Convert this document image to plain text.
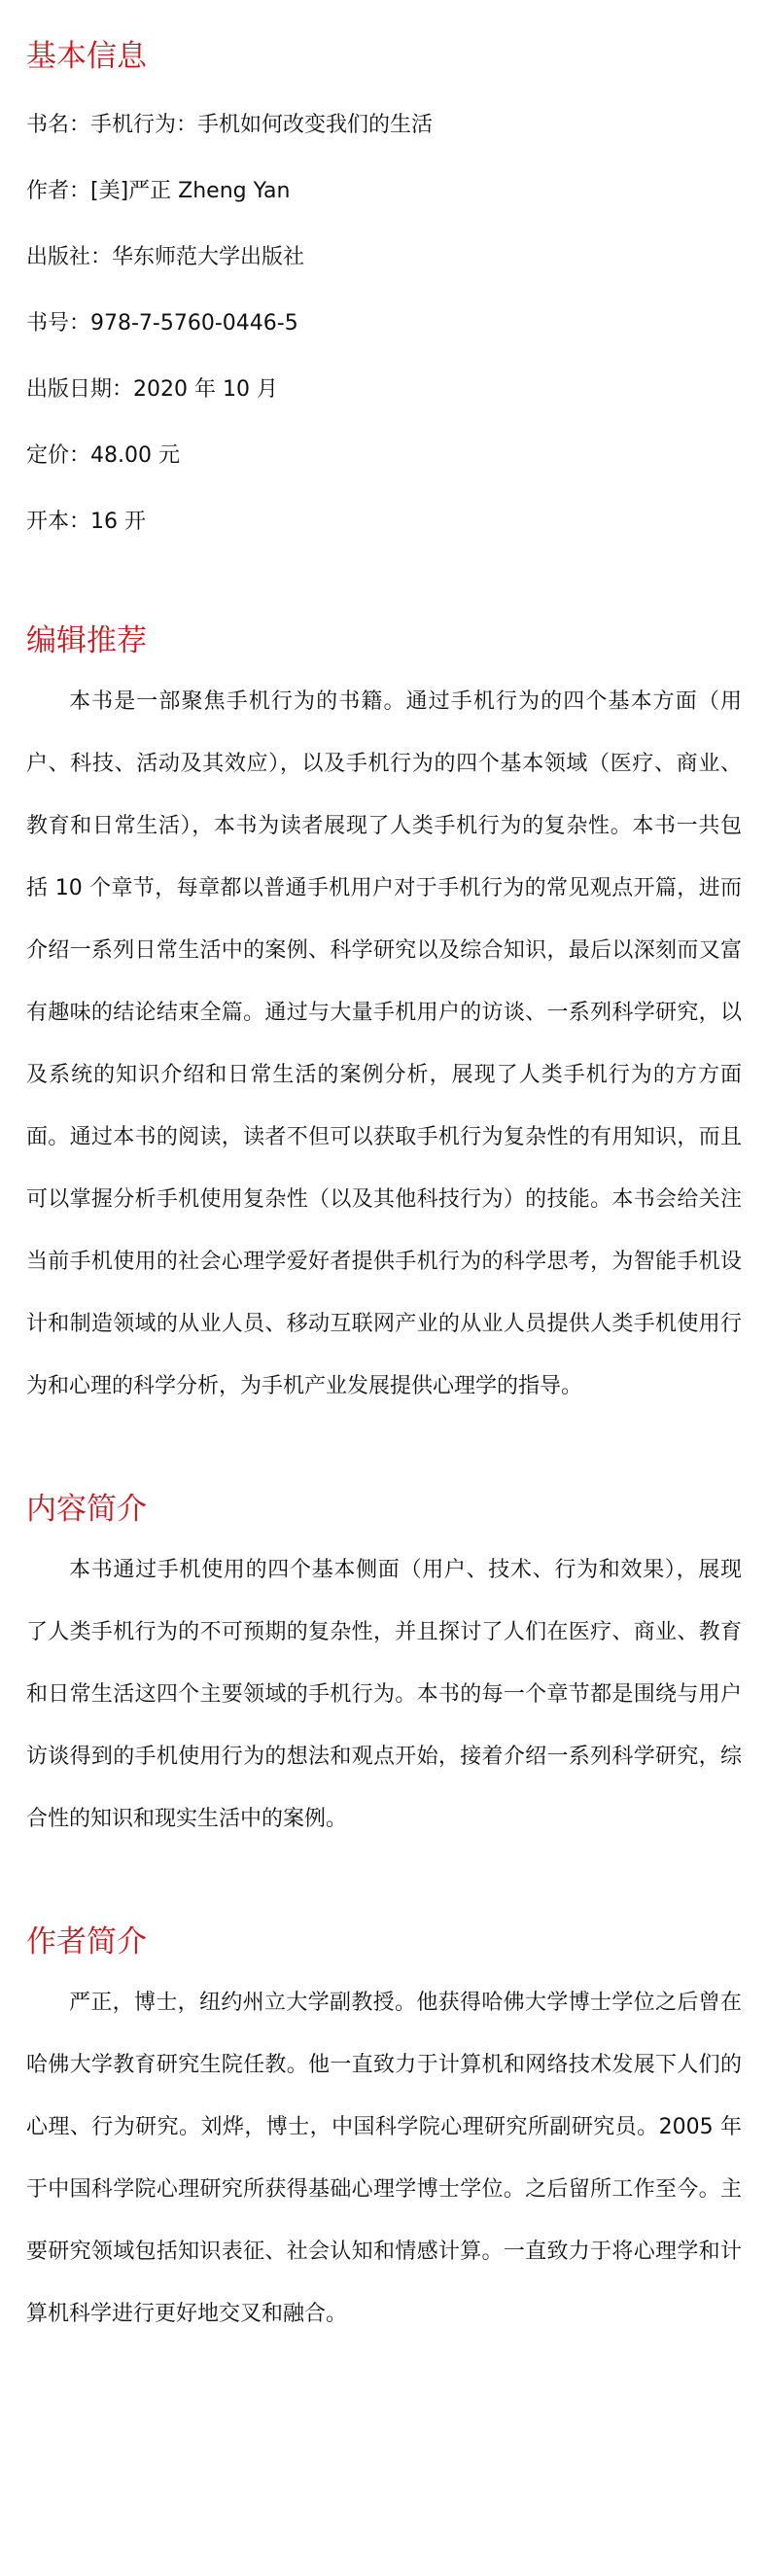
基本信息
书名：手机行为：手机如何改变我们的生活
作者：[美]严正 Zheng Yan
出版社：华东师范大学出版社
书号：978-7-5760-0446-5
出版日期：2020 年 10 月
定价：48.00 元
开本：16 开
编辑推荐

本书是一部聚焦手机行为的书籍。通过手机行为的四个基本方面（用户、科技、活动及其效应），以及手机行为的四个基本领域（医疗、商业、教育和日常生活），本书为读者展现了人类手机行为的复杂性。本书一共包括 10 个章节，每章都以普通手机用户对于手机行为的常见观点开篇，进而介绍一系列日常生活中的案例、科学研究以及综合知识，最后以深刻而又富有趣味的结论结束全篇。通过与大量手机用户的访谈、一系列科学研究，以及系统的知识介绍和日常生活的案例分析，展现了人类手机行为的方方面面。通过本书的阅读，读者不但可以获取手机行为复杂性的有用知识，而且可以掌握分析手机使用复杂性（以及其他科技行为）的技能。本书会给关注当前手机使用的社会心理学爱好者提供手机行为的科学思考，为智能手机设计和制造领域的从业人员、移动互联网产业的从业人员提供人类手机使用行为和心理的科学分析，为手机产业发展提供心理学的指导。

内容简介

本书通过手机使用的四个基本侧面（用户、技术、行为和效果），展现了人类手机行为的不可预期的复杂性，并且探讨了人们在医疗、商业、教育和日常生活这四个主要领域的手机行为。本书的每一个章节都是围绕与用户访谈得到的手机使用行为的想法和观点开始，接着介绍一系列科学研究，综合性的知识和现实生活中的案例。

作者简介

严正，博士，纽约州立大学副教授。他获得哈佛大学博士学位之后曾在哈佛大学教育研究生院任教。他一直致力于计算机和网络技术发展下人们的心理、行为研究。刘烨，博士，中国科学院心理研究所副研究员。2005 年于中国科学院心理研究所获得基础心理学博士学位。之后留所工作至今。主要研究领域包括知识表征、社会认知和情感计算。一直致力于将心理学和计算机科学进行更好地交叉和融合。
